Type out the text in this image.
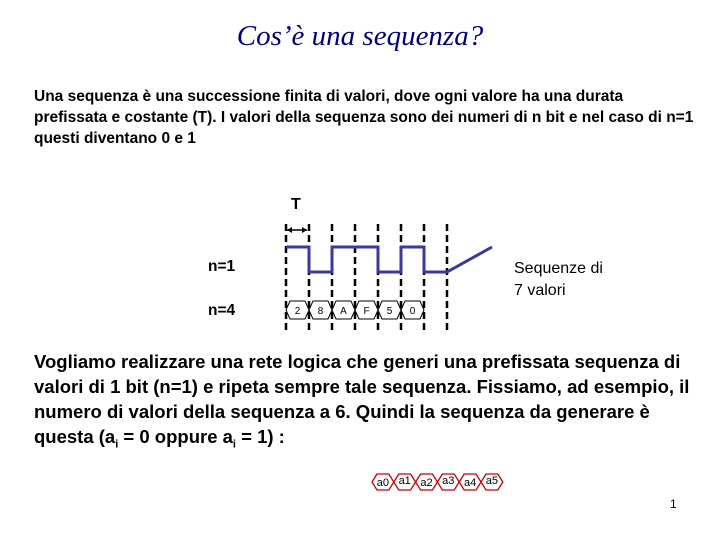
Cos’è una sequenza?
Una sequenza è una successione finita di valori, dove ogni valore ha una durata prefissata e costante (T). I valori della sequenza sono dei numeri di n bit e nel caso di n=1 questi diventano 0 e 1
T
n=1
n=4
Sequenze di
7 valori
2 8 A F 5 0
a0 a1 a2 a3 a4 a5
Vogliamo realizzare una rete logica che generi una prefissata sequenza di valori di 1 bit (n=1) e ripeta sempre tale sequenza. Fissiamo, ad esempio, il numero di valori della sequenza a 6. Quindi la sequenza da generare è questa ($a_i = 0$ oppure $a_i = 1$) :
1
